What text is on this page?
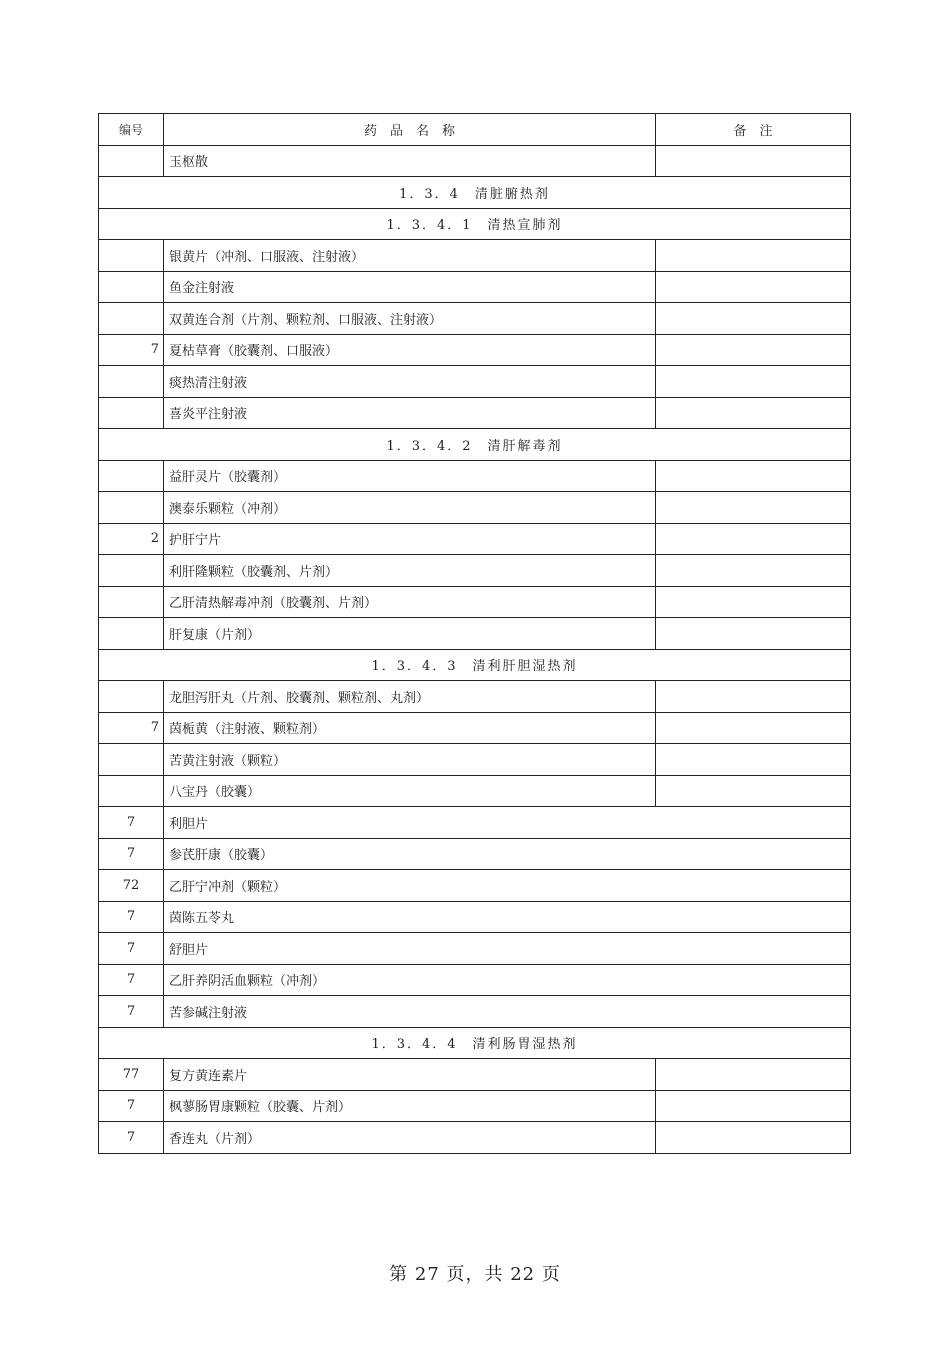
编号	药　品　名　称	备　注
	玉枢散	
1．3．4　清脏腑热剂		
1．3．4．1　清热宣肺剂		
	银黄片（冲剂、口服液、注射液）	
	鱼金注射液	
	双黄连合剂（片剂、颗粒剂、口服液、注射液）	
7	夏枯草膏（胶囊剂、口服液）	
	痰热清注射液	
	喜炎平注射液	
1．3．4．2　清肝解毒剂		
	益肝灵片（胶囊剂）	
	澳泰乐颗粒（冲剂）	
2	护肝宁片	
	利肝隆颗粒（胶囊剂、片剂）	
	乙肝清热解毒冲剂（胶囊剂、片剂）	
	肝复康（片剂）	
1．3．4．3　清利肝胆湿热剂		
	龙胆泻肝丸（片剂、胶囊剂、颗粒剂、丸剂）	
7	茵栀黄（注射液、颗粒剂）	
	苦黄注射液（颗粒）	
	八宝丹（胶囊）	
7	利胆片	
7	参芪肝康（胶囊）	
72	乙肝宁冲剂（颗粒）	
7	茵陈五苓丸	
7	舒胆片	
7	乙肝养阴活血颗粒（冲剂）	
7	苦参碱注射液	
1．3．4．4　清利肠胃湿热剂		
77	复方黄连素片	
7	枫蓼肠胃康颗粒（胶囊、片剂）	
7	香连丸（片剂）	
第 27 页，共 22 页
